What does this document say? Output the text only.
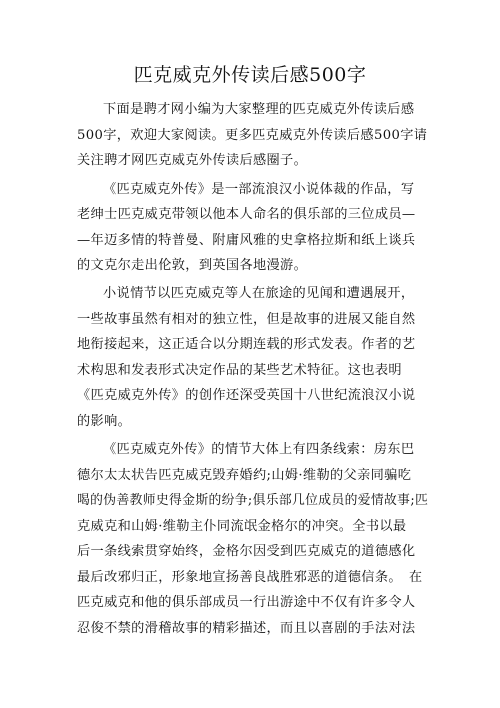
匹克威克外传读后感500字

下面是聘才网小编为大家整理的匹克威克外传读后感

500字，欢迎大家阅读。更多匹克威克外传读后感500字请

关注聘才网匹克威克外传读后感圈子。

《匹克威克外传》是一部流浪汉小说体裁的作品，写

老绅士匹克威克带领以他本人命名的俱乐部的三位成员—

—年迈多情的特普曼、附庸风雅的史拿格拉斯和纸上谈兵

的文克尔走出伦敦，到英国各地漫游。

小说情节以匹克威克等人在旅途的见闻和遭遇展开，

一些故事虽然有相对的独立性，但是故事的进展又能自然

地衔接起来，这正适合以分期连载的形式发表。作者的艺

术构思和发表形式决定作品的某些艺术特征。这也表明

《匹克威克外传》的创作还深受英国十八世纪流浪汉小说

的影响。

《匹克威克外传》的情节大体上有四条线索：房东巴

德尔太太状告匹克威克毁弃婚约;山姆·维勒的父亲同骗吃

喝的伪善教师史得金斯的纷争;俱乐部几位成员的爱情故事;匹

克威克和山姆·维勒主仆同流氓金格尔的冲突。全书以最

后一条线索贯穿始终，金格尔因受到匹克威克的道德感化

最后改邪归正，形象地宣扬善良战胜邪恶的道德信条。　在

匹克威克和他的俱乐部成员一行出游途中不仅有许多令人

忍俊不禁的滑稽故事的精彩描述，而且以喜剧的手法对法
